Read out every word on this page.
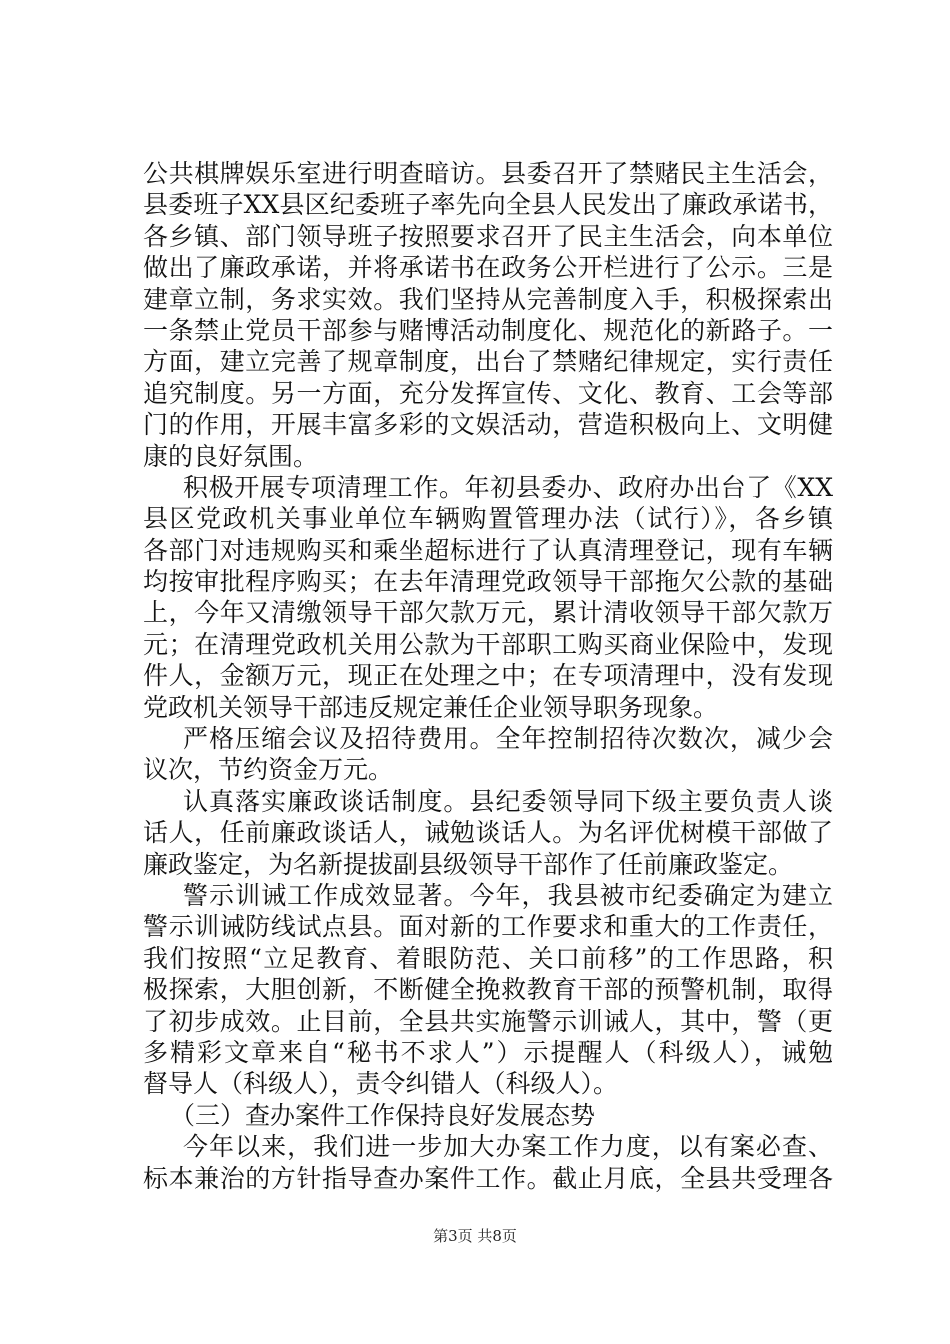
公共棋牌娱乐室进行明查暗访。县委召开了禁赌民主生活会，
县委班子XX县区纪委班子率先向全县人民发出了廉政承诺书，
各乡镇、部门领导班子按照要求召开了民主生活会，向本单位
做出了廉政承诺，并将承诺书在政务公开栏进行了公示。三是
建章立制，务求实效。我们坚持从完善制度入手，积极探索出
一条禁止党员干部参与赌博活动制度化、规范化的新路子。一
方面，建立完善了规章制度，出台了禁赌纪律规定，实行责任
追究制度。另一方面，充分发挥宣传、文化、教育、工会等部
门的作用，开展丰富多彩的文娱活动，营造积极向上、文明健
康的良好氛围。
积极开展专项清理工作。年初县委办、政府办出台了《XX
县区党政机关事业单位车辆购置管理办法（试行）》，各乡镇
各部门对违规购买和乘坐超标进行了认真清理登记，现有车辆
均按审批程序购买；在去年清理党政领导干部拖欠公款的基础
上，今年又清缴领导干部欠款万元，累计清收领导干部欠款万
元；在清理党政机关用公款为干部职工购买商业保险中，发现
件人，金额万元，现正在处理之中；在专项清理中，没有发现
党政机关领导干部违反规定兼任企业领导职务现象。
严格压缩会议及招待费用。全年控制招待次数次，减少会
议次，节约资金万元。
认真落实廉政谈话制度。县纪委领导同下级主要负责人谈
话人，任前廉政谈话人，诫勉谈话人。为名评优树模干部做了
廉政鉴定，为名新提拔副县级领导干部作了任前廉政鉴定。
警示训诫工作成效显著。今年，我县被市纪委确定为建立
警示训诫防线试点县。面对新的工作要求和重大的工作责任，
我们按照“立足教育、着眼防范、关口前移”的工作思路，积
极探索，大胆创新，不断健全挽救教育干部的预警机制，取得
了初步成效。止目前，全县共实施警示训诫人，其中，警（更
多精彩文章来自“秘书不求人”）示提醒人（科级人），诫勉
督导人（科级人），责令纠错人（科级人）。
（三）查办案件工作保持良好发展态势
今年以来，我们进一步加大办案工作力度，以有案必查、
标本兼治的方针指导查办案件工作。截止月底，全县共受理各
第3页 共8页
